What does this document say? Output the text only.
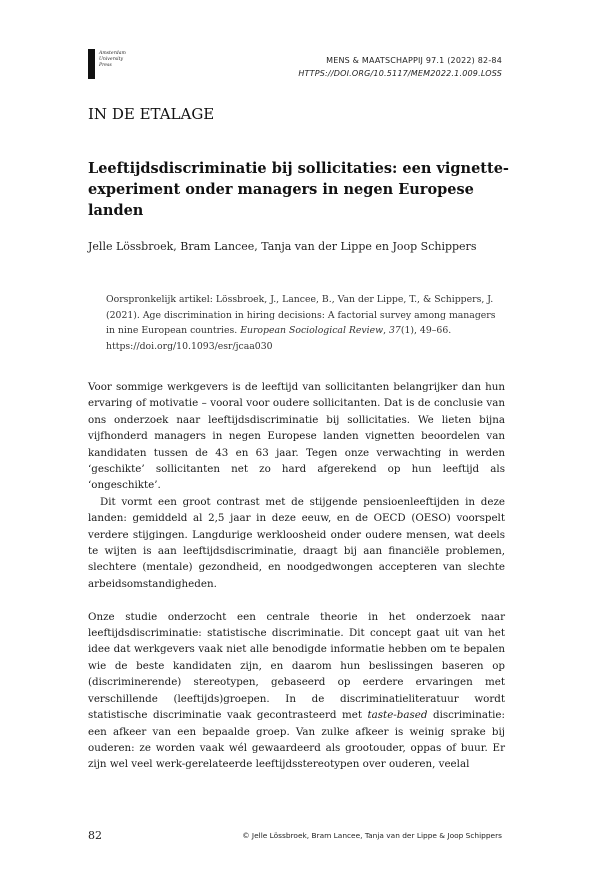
Amsterdam
University
Press
MENS & MAATSCHAPPIJ 97.1 (2022) 82-84
HTTPS://DOI.ORG/10.5117/MEM2022.1.009.LOSS
IN DE ETALAGE
Leeftijdsdiscriminatie bij sollicitaties: een vignette-experiment onder managers in negen Europese landen
Jelle Lössbroek, Bram Lancee, Tanja van der Lippe en Joop Schippers
Oorspronkelijk artikel: Lössbroek, J., Lancee, B., Van der Lippe, T., & Schippers, J. (2021). Age discrimination in hiring decisions: A factorial survey among managers in nine European countries. European Sociological Review, 37(1), 49–66. https://doi.org/10.1093/esr/jcaa030

Voor sommige werkgevers is de leeftijd van sollicitanten belangrijker dan hun ervaring of motivatie – vooral voor oudere sollicitanten. Dat is de conclusie van ons onderzoek naar leeftijdsdiscriminatie bij sollicitaties. We lieten bijna vijfhonderd managers in negen Europese landen vignetten beoordelen van kandidaten tussen de 43 en 63 jaar. Tegen onze verwachting in werden ‘geschikte’ sollicitanten net zo hard afgerekend op hun leeftijd als ‘ongeschikte’.

Dit vormt een groot contrast met de stijgende pensioenleeftijden in deze landen: gemiddeld al 2,5 jaar in deze eeuw, en de OECD (OESO) voorspelt verdere stijgingen. Langdurige werkloosheid onder oudere mensen, wat deels te wijten is aan leeftijdsdiscriminatie, draagt bij aan financiële problemen, slechtere (mentale) gezondheid, en noodgedwongen accepteren van slechte arbeidsomstandigheden.

Onze studie onderzocht een centrale theorie in het onderzoek naar leeftijdsdiscriminatie: statistische discriminatie. Dit concept gaat uit van het idee dat werkgevers vaak niet alle benodigde informatie hebben om te bepalen wie de beste kandidaten zijn, en daarom hun beslissingen baseren op (discriminerende) stereotypen, gebaseerd op eerdere ervaringen met verschillende (leeftijds)groepen. In de discriminatieliteratuur wordt statistische discriminatie vaak gecontrasteerd met taste-based discriminatie: een afkeer van een bepaalde groep. Van zulke afkeer is weinig sprake bij ouderen: ze worden vaak wél gewaardeerd als grootouder, oppas of buur. Er zijn wel veel werk-gerelateerde leeftijdsstereotypen over ouderen, veelal

82	© Jelle Lössbroek, Bram Lancee, Tanja van der Lippe & Joop Schippers
